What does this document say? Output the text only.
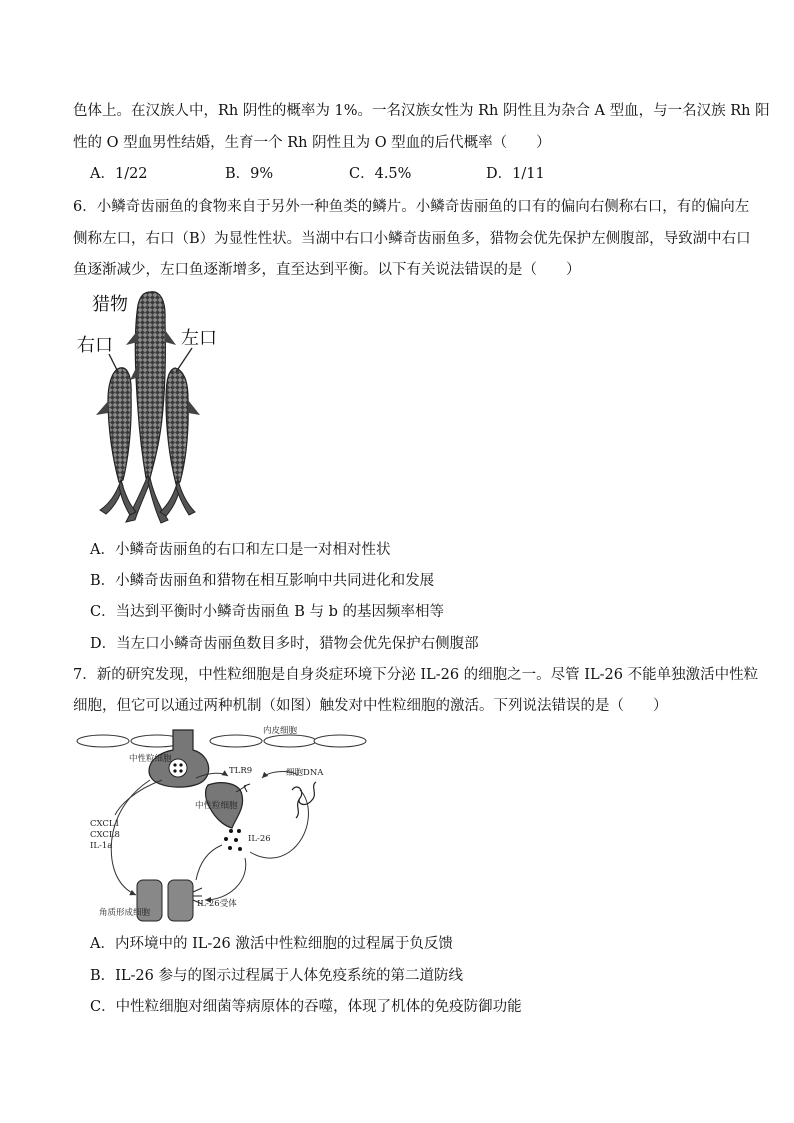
色体上。在汉族人中，Rh 阴性的概率为 1%。一名汉族女性为 Rh 阴性且为杂合 A 型血，与一名汉族 Rh 阳
性的 O 型血男性结婚，生育一个 Rh 阴性且为 O 型血的后代概率（　　）
A．1/22	B．9%	C．4.5%	D．1/11
6．小鳞奇齿丽鱼的食物来自于另外一种鱼类的鳞片。小鳞奇齿丽鱼的口有的偏向右侧称右口，有的偏向左
侧称左口，右口（B）为显性性状。当湖中右口小鳞奇齿丽鱼多，猎物会优先保护左侧腹部，导致湖中右口
鱼逐渐减少，左口鱼逐渐增多，直至达到平衡。以下有关说法错误的是（　　）
猎物
右口	左口
A．小鳞奇齿丽鱼的右口和左口是一对相对性状
B．小鳞奇齿丽鱼和猎物在相互影响中共同进化和发展
C．当达到平衡时小鳞奇齿丽鱼 B 与 b 的基因频率相等
D．当左口小鳞奇齿丽鱼数目多时，猎物会优先保护右侧腹部
7．新的研究发现，中性粒细胞是自身炎症环境下分泌 IL-26 的细胞之一。尽管 IL-26 不能单独激活中性粒
细胞，但它可以通过两种机制（如图）触发对中性粒细胞的激活。下列说法错误的是（　　）
内皮细胞
中性粒细胞
TLR9	细胞DNA
中性粒细胞
IL-26
CXCL1
CXCL8
IL-1a
角质形成细胞
IL-26受体
A．内环境中的 IL-26 激活中性粒细胞的过程属于负反馈
B．IL-26 参与的图示过程属于人体免疫系统的第二道防线
C．中性粒细胞对细菌等病原体的吞噬，体现了机体的免疫防御功能
